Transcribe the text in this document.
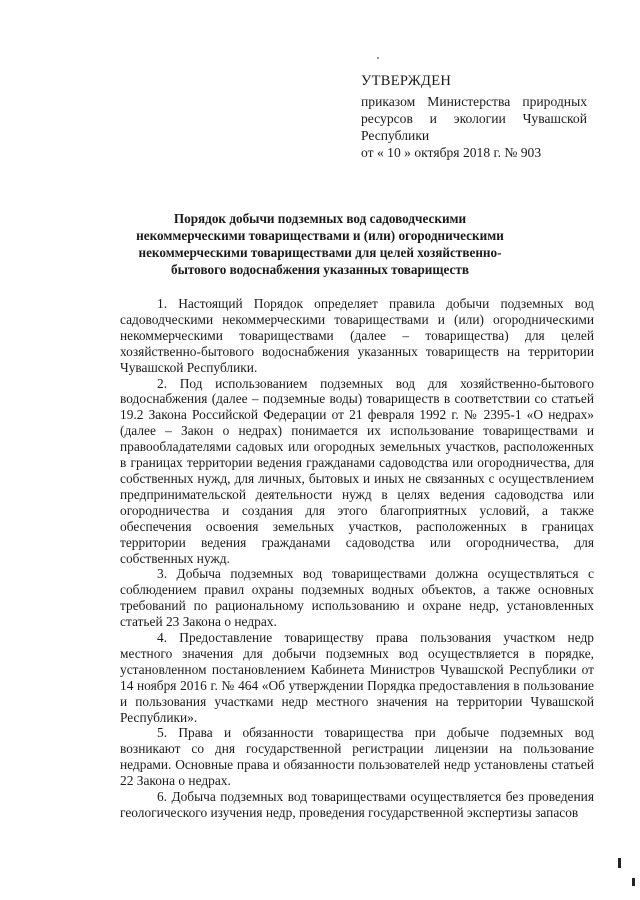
УТВЕРЖДЕН
приказом Министерства природных ресурсов и экологии Чувашской Республики
от « 10 » октября 2018 г. № 903
Порядок добычи подземных вод садоводческими некоммерческими товариществами и (или) огородническими некоммерческими товариществами для целей хозяйственно-бытового водоснабжения указанных товариществ

1. Настоящий Порядок определяет правила добычи подземных вод садоводческими некоммерческими товариществами и (или) огородническими некоммерческими товариществами (далее – товарищества) для целей хозяйственно-бытового водоснабжения указанных товариществ на территории Чувашской Республики.

2. Под использованием подземных вод для хозяйственно-бытового водоснабжения (далее – подземные воды) товариществ в соответствии со статьей 19.2 Закона Российской Федерации от 21 февраля 1992 г. № 2395-1 «О недрах» (далее – Закон о недрах) понимается их использование товариществами и правообладателями садовых или огородных земельных участков, расположенных в границах территории ведения гражданами садоводства или огородничества, для собственных нужд, для личных, бытовых и иных не связанных с осуществлением предпринимательской деятельности нужд в целях ведения садоводства или огородничества и создания для этого благоприятных условий, а также обеспечения освоения земельных участков, расположенных в границах территории ведения гражданами садоводства или огородничества, для собственных нужд.

3. Добыча подземных вод товариществами должна осуществляться с соблюдением правил охраны подземных водных объектов, а также основных требований по рациональному использованию и охране недр, установленных статьей 23 Закона о недрах.

4. Предоставление товариществу права пользования участком недр местного значения для добычи подземных вод осуществляется в порядке, установленном постановлением Кабинета Министров Чувашской Республики от 14 ноября 2016 г. № 464 «Об утверждении Порядка предоставления в пользование и пользования участками недр местного значения на территории Чувашской Республики».

5. Права и обязанности товарищества при добыче подземных вод возникают со дня государственной регистрации лицензии на пользование недрами. Основные права и обязанности пользователей недр установлены статьей 22 Закона о недрах.

6. Добыча подземных вод товариществами осуществляется без проведения геологического изучения недр, проведения государственной экспертизы запасов
